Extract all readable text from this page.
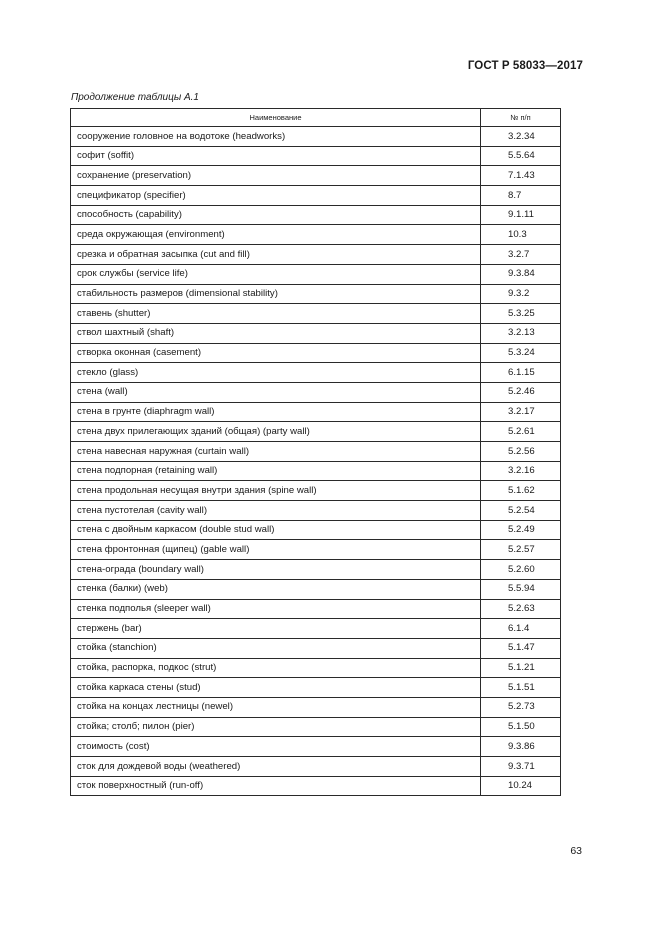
ГОСТ Р 58033—2017
Продолжение таблицы А.1
Наименование	№ п/п
сооружение головное на водотоке (headworks)	3.2.34
софит (soffit)	5.5.64
сохранение (preservation)	7.1.43
спецификатор (specifier)	8.7
способность (capability)	9.1.11
среда окружающая (environment)	10.3
срезка и обратная засыпка (cut and fill)	3.2.7
срок службы (service life)	9.3.84
стабильность размеров (dimensional stability)	9.3.2
ставень (shutter)	5.3.25
ствол шахтный (shaft)	3.2.13
створка оконная (casement)	5.3.24
стекло (glass)	6.1.15
стена (wall)	5.2.46
стена в грунте (diaphragm wall)	3.2.17
стена двух прилегающих зданий (общая) (party wall)	5.2.61
стена навесная наружная (curtain wall)	5.2.56
стена подпорная (retaining wall)	3.2.16
стена продольная несущая внутри здания (spine wall)	5.1.62
стена пустотелая (cavity wall)	5.2.54
стена с двойным каркасом (double stud wall)	5.2.49
стена фронтонная (щипец) (gable wall)	5.2.57
стена-ограда (boundary wall)	5.2.60
стенка (балки) (web)	5.5.94
стенка подполья (sleeper wall)	5.2.63
стержень (bar)	6.1.4
стойка (stanchion)	5.1.47
стойка, распорка, подкос (strut)	5.1.21
стойка каркаса стены (stud)	5.1.51
стойка на концах лестницы (newel)	5.2.73
стойка; столб; пилон (pier)	5.1.50
стоимость (cost)	9.3.86
сток для дождевой воды (weathered)	9.3.71
сток поверхностный (run-off)	10.24
63
